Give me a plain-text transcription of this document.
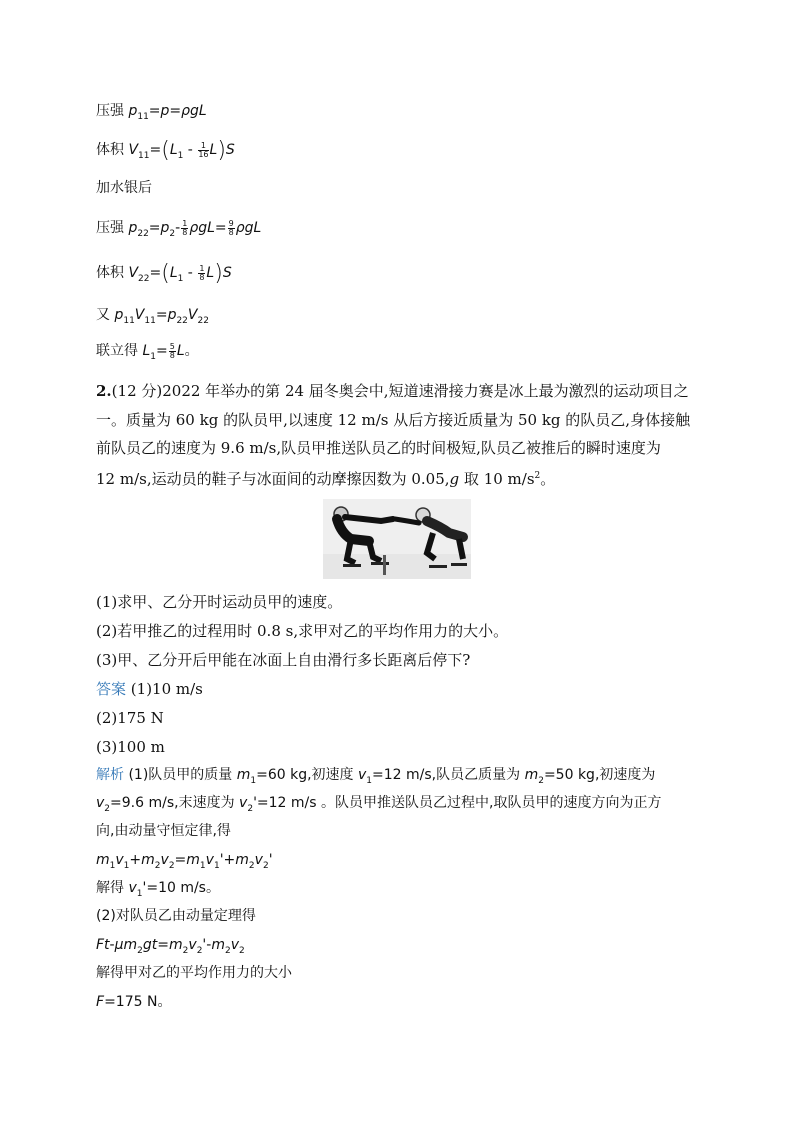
压强 $p_{11}=p=\rho gL$
体积 $V_{11}=(L_1 - \frac{1}{16} L)S$
加水银后
压强 $p_{22}=p_2- \frac{1}{8} \rho gL= \frac{9}{8}$ ρgL
体积 $V_{22}=(L_1 - \frac{1}{8} L)S$
又 $p_{11}V_{11}=p_{22}V_{22}$
联立得 $L_1= \frac{5}{8}$ L。
2.(12 分)2022 年举办的第 24 届冬奥会中,短道速滑接力赛是冰上最为激烈的运动项目之
一。质量为 60 kg 的队员甲,以速度 12 m/s 从后方接近质量为 50 kg 的队员乙,身体接触
前队员乙的速度为 9.6 m/s,队员甲推送队员乙的时间极短,队员乙被推后的瞬时速度为
12 m/s,运动员的鞋子与冰面间的动摩擦因数为 0.05,g 取 10 $m/s^2$。
(1)求甲、乙分开时运动员甲的速度。
(2)若甲推乙的过程用时 0.8 s,求甲对乙的平均作用力的大小。
(3)甲、乙分开后甲能在冰面上自由滑行多长距离后停下?
答案 (1)10 m/s
(2)175 N
(3)100 m
解析 (1)队员甲的质量 $m_1=60$ kg,初速度 $v_1=12$ m/s,队员乙质量为 $m_2=50$ kg,初速度为
$v_2=9.6$ m/s,末速度为 $v_2'=12$ m/s 。队员甲推送队员乙过程中,取队员甲的速度方向为正方
向,由动量守恒定律,得
$m_1v_1+m_2v_2=m_1v_1'+m_2v_2'$
解得 $v_1'=10$ m/s。
(2)对队员乙由动量定理得
$Ft-\mu m_2gt=m_2v_2'-m_2v_2$
解得甲对乙的平均作用力的大小
F=175 N。
